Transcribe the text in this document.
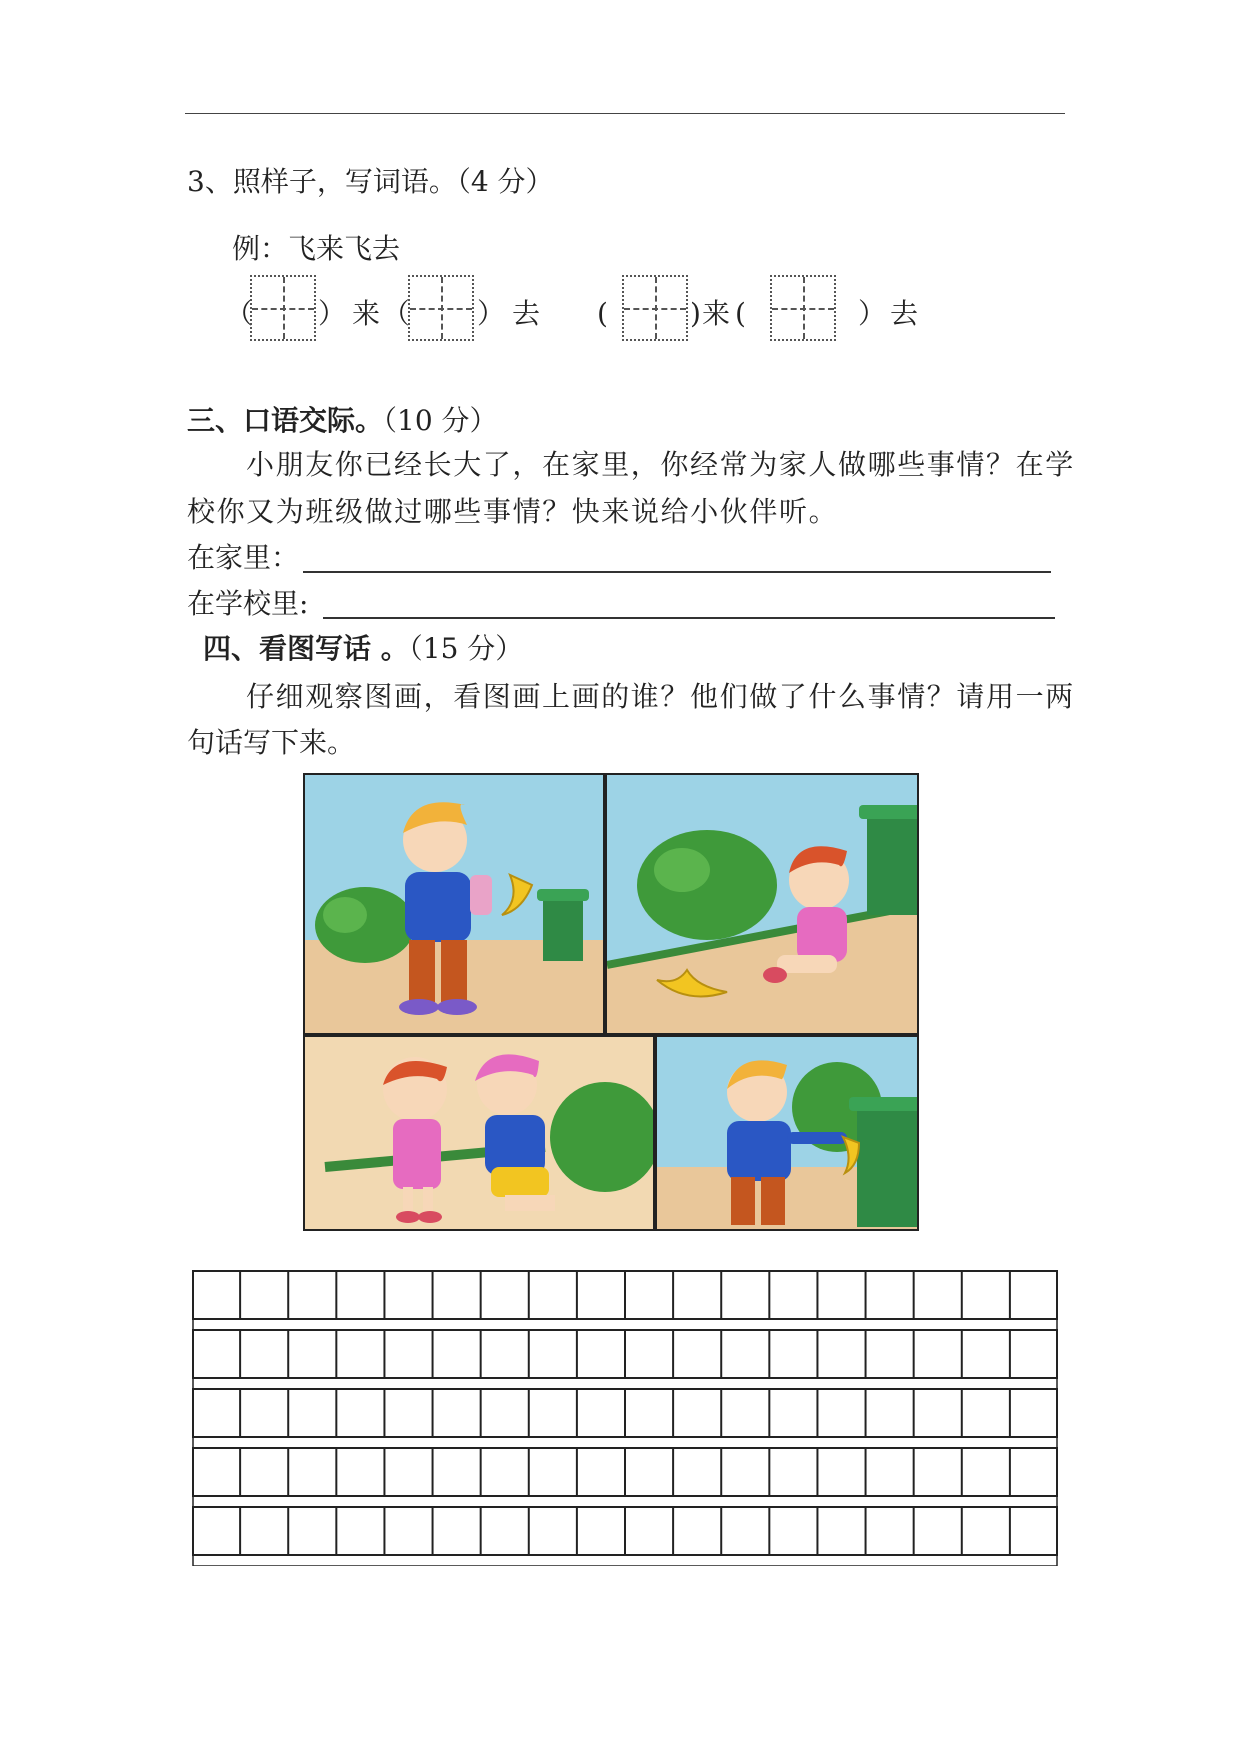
3、照样子，写词语。（4 分）
例：飞来飞去
（ ） 来 （ ） 去 (	) 来 (	） 去
三、口语交际。（10 分）
小朋友你已经长大了，在家里，你经常为家人做哪些事情？在学
校你又为班级做过哪些事情？快来说给小伙伴听。
在家里：
在学校里:
四、看图写话 。（15 分）
仔细观察图画，看图画上画的谁？他们做了什么事情？请用一两
句话写下来。
